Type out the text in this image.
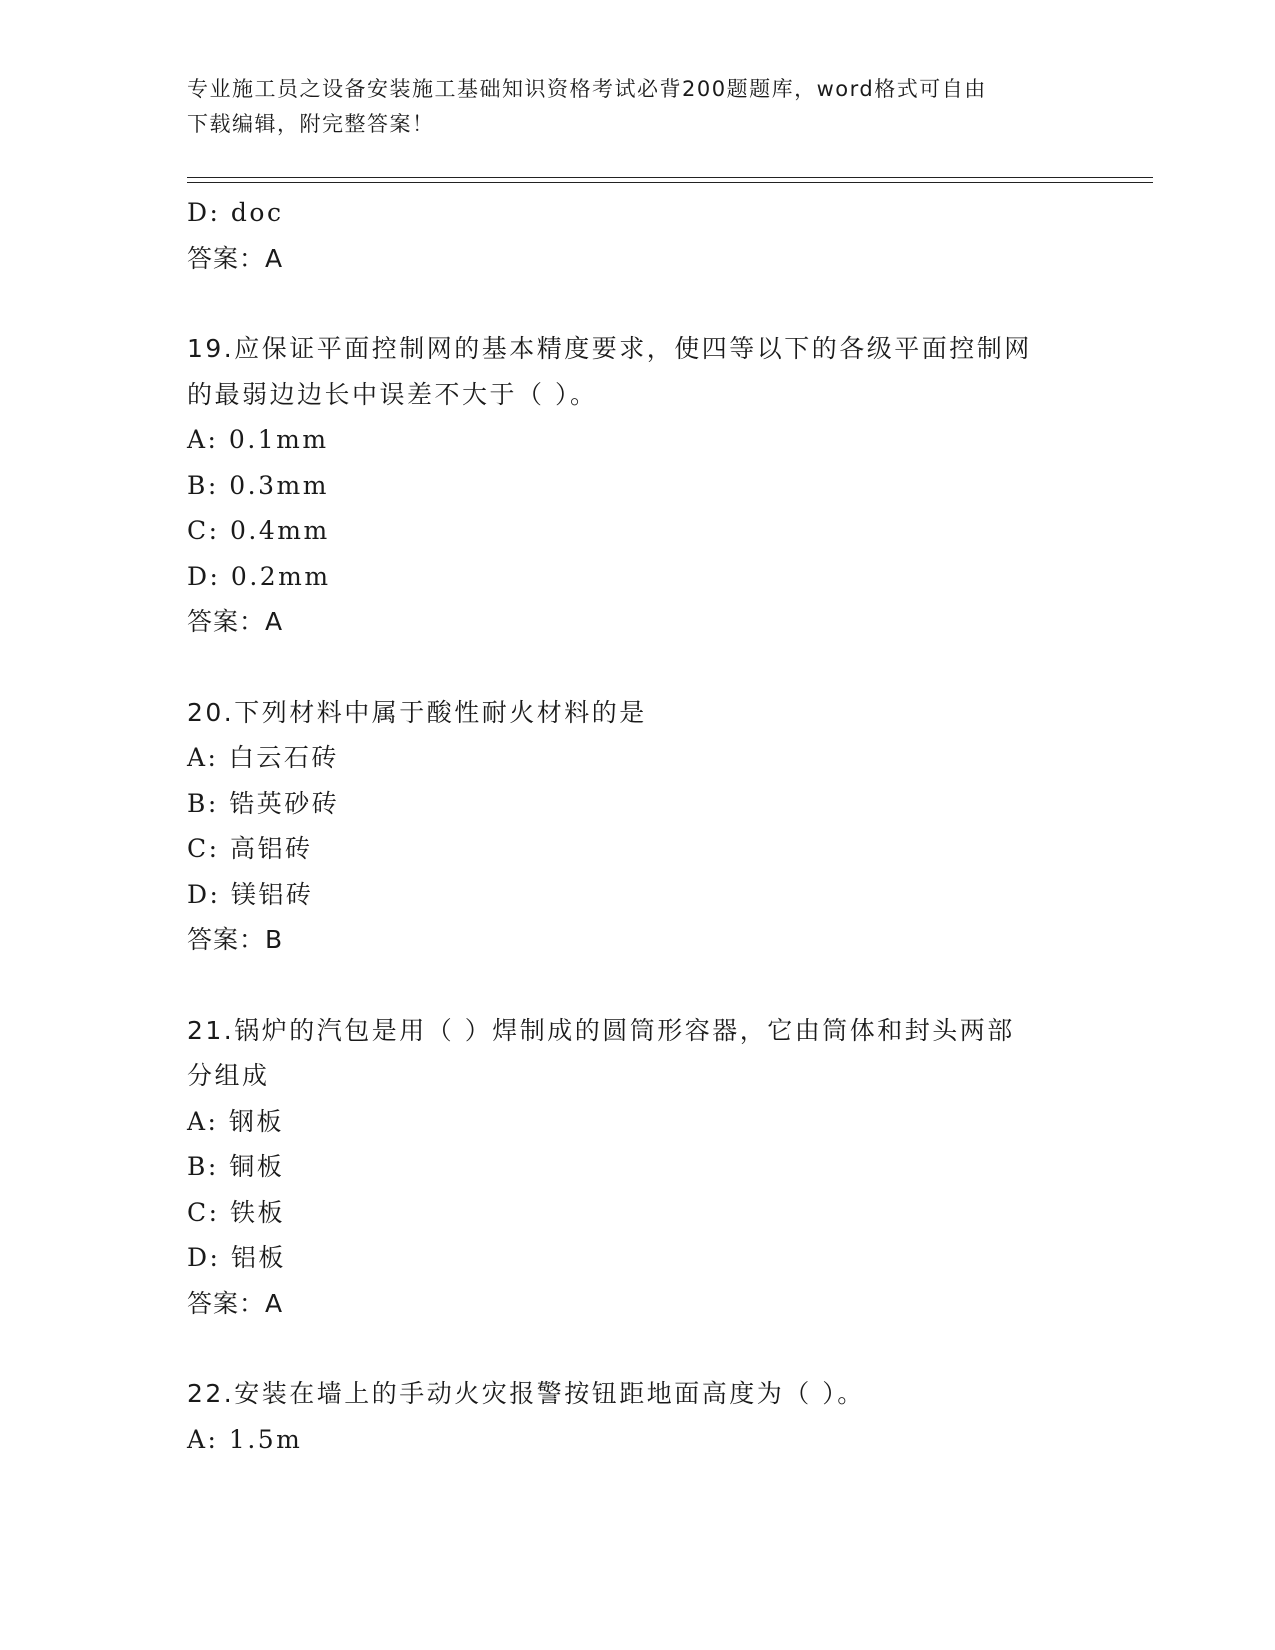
专业施工员之设备安装施工基础知识资格考试必背200题题库，word格式可自由
下载编辑，附完整答案！
D: doc
答案：A
19.应保证平面控制网的基本精度要求，使四等以下的各级平面控制网
的最弱边边长中误差不大于（ ）。
A: 0.1mm
B: 0.3mm
C: 0.4mm
D: 0.2mm
答案：A
20.下列材料中属于酸性耐火材料的是
A: 白云石砖
B: 锆英砂砖
C: 高铝砖
D: 镁铝砖
答案：B
21.锅炉的汽包是用（ ）焊制成的圆筒形容器，它由筒体和封头两部
分组成
A: 钢板
B: 铜板
C: 铁板
D: 铝板
答案：A
22.安装在墙上的手动火灾报警按钮距地面高度为（ ）。
A: 1.5m
